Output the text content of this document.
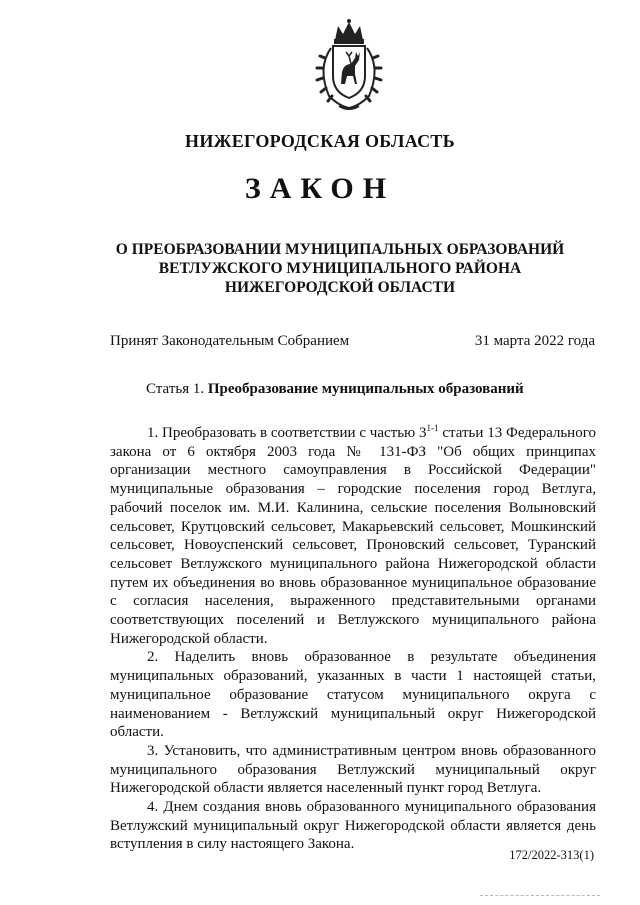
НИЖЕГОРОДСКАЯ ОБЛАСТЬ
ЗАКОН
О ПРЕОБРАЗОВАНИИ МУНИЦИПАЛЬНЫХ ОБРАЗОВАНИЙ
ВЕТЛУЖСКОГО МУНИЦИПАЛЬНОГО РАЙОНА
НИЖЕГОРОДСКОЙ ОБЛАСТИ
Принят Законодательным Собранием	31 марта 2022 года
Статья 1. Преобразование муниципальных образований

1. Преобразовать в соответствии с частью 3$^{1-1}$ статьи 13 Федерального закона от 6 октября 2003 года № 131-ФЗ "Об общих принципах организации местного самоуправления в Российской Федерации" муниципальные образования – городские поселения город Ветлуга, рабочий поселок им. М.И. Калинина, сельские поселения Волыновский сельсовет, Крутцовский сельсовет, Макарьевский сельсовет, Мошкинский сельсовет, Новоуспенский сельсовет, Проновский сельсовет, Туранский сельсовет Ветлужского муниципального района Нижегородской области путем их объединения во вновь образованное муниципальное образование с согласия населения, выраженного представительными органами соответствующих поселений и Ветлужского муниципального района Нижегородской области.

2. Наделить вновь образованное в результате объединения муниципальных образований, указанных в части 1 настоящей статьи, муниципальное образование статусом муниципального округа с наименованием - Ветлужский муниципальный округ Нижегородской области.

3. Установить, что административным центром вновь образованного муниципального образования Ветлужский муниципальный округ Нижегородской области является населенный пункт город Ветлуга.

4. Днем создания вновь образованного муниципального образования Ветлужский муниципальный округ Нижегородской области является день вступления в силу настоящего Закона.

172/2022-313(1)
